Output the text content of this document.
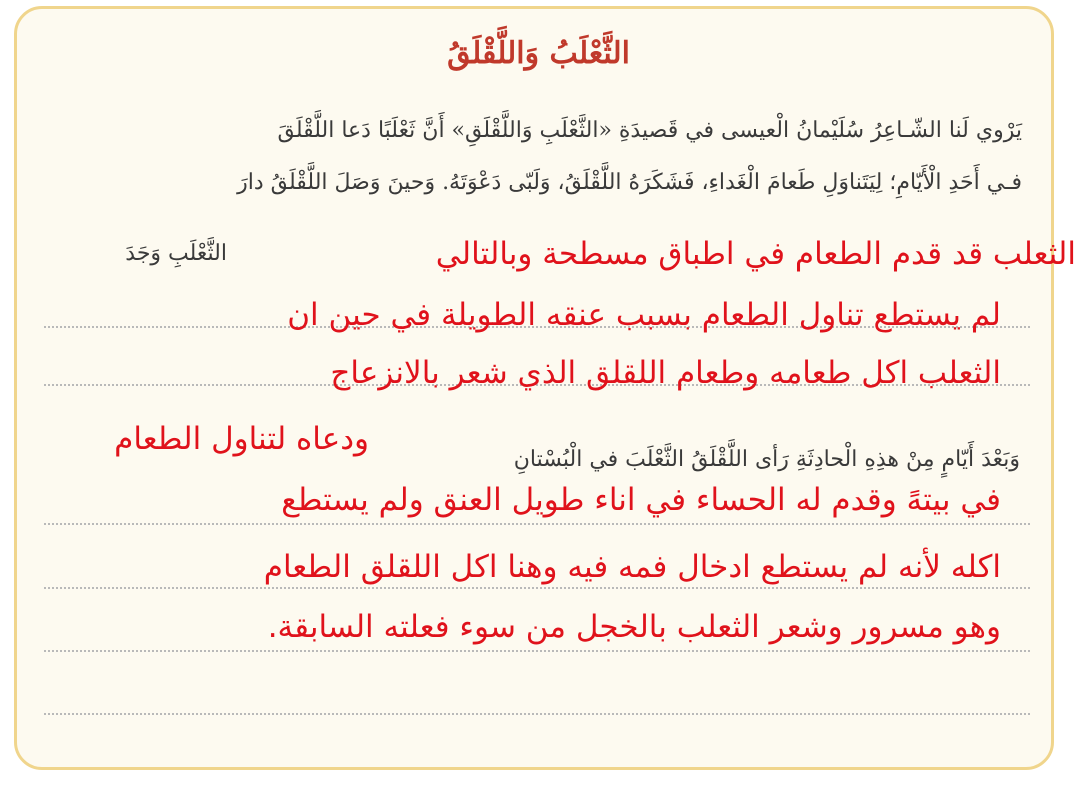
الثَّعْلَبُ وَاللَّقْلَقُ
يَرْوي لَنا الشّـاعِرُ سُلَيْمانُ الْعيسى في قَصيدَةِ «الثَّعْلَبِ وَاللَّقْلَقِ» أَنَّ ثَعْلَبًا دَعا اللَّقْلَقَ
فـي أَحَدِ الْأَيّامِ؛ لِيَتَناوَلِ طَعامَ الْغَداءِ، فَشَكَرَهُ اللَّقْلَقُ، وَلَبّى دَعْوَتَهُ. وَحينَ وَصَلَ اللَّقْلَقُ دارَ
الثَّعْلَبِ وَجَدَ	الثعلب قد قدم الطعام في اطباق مسطحة وبالتالي
لم يستطع تناول الطعام بسبب عنقه الطويلة في حين ان
الثعلب اكل طعامه وطعام اللقلق الذي شعر بالانزعاج
وَبَعْدَ أَيّامٍ مِنْ هذِهِ الْحادِثَةِ رَأى اللَّقْلَقُ الثَّعْلَبَ في الْبُسْتانِ
ودعاه لتناول الطعام
في بيتهً وقدم له الحساء في اناء طويل العنق ولم يستطع
اكله لأنه لم يستطع ادخال فمه فيه وهنا اكل اللقلق الطعام
وهو مسرور وشعر الثعلب بالخجل من سوء فعلته السابقة.
